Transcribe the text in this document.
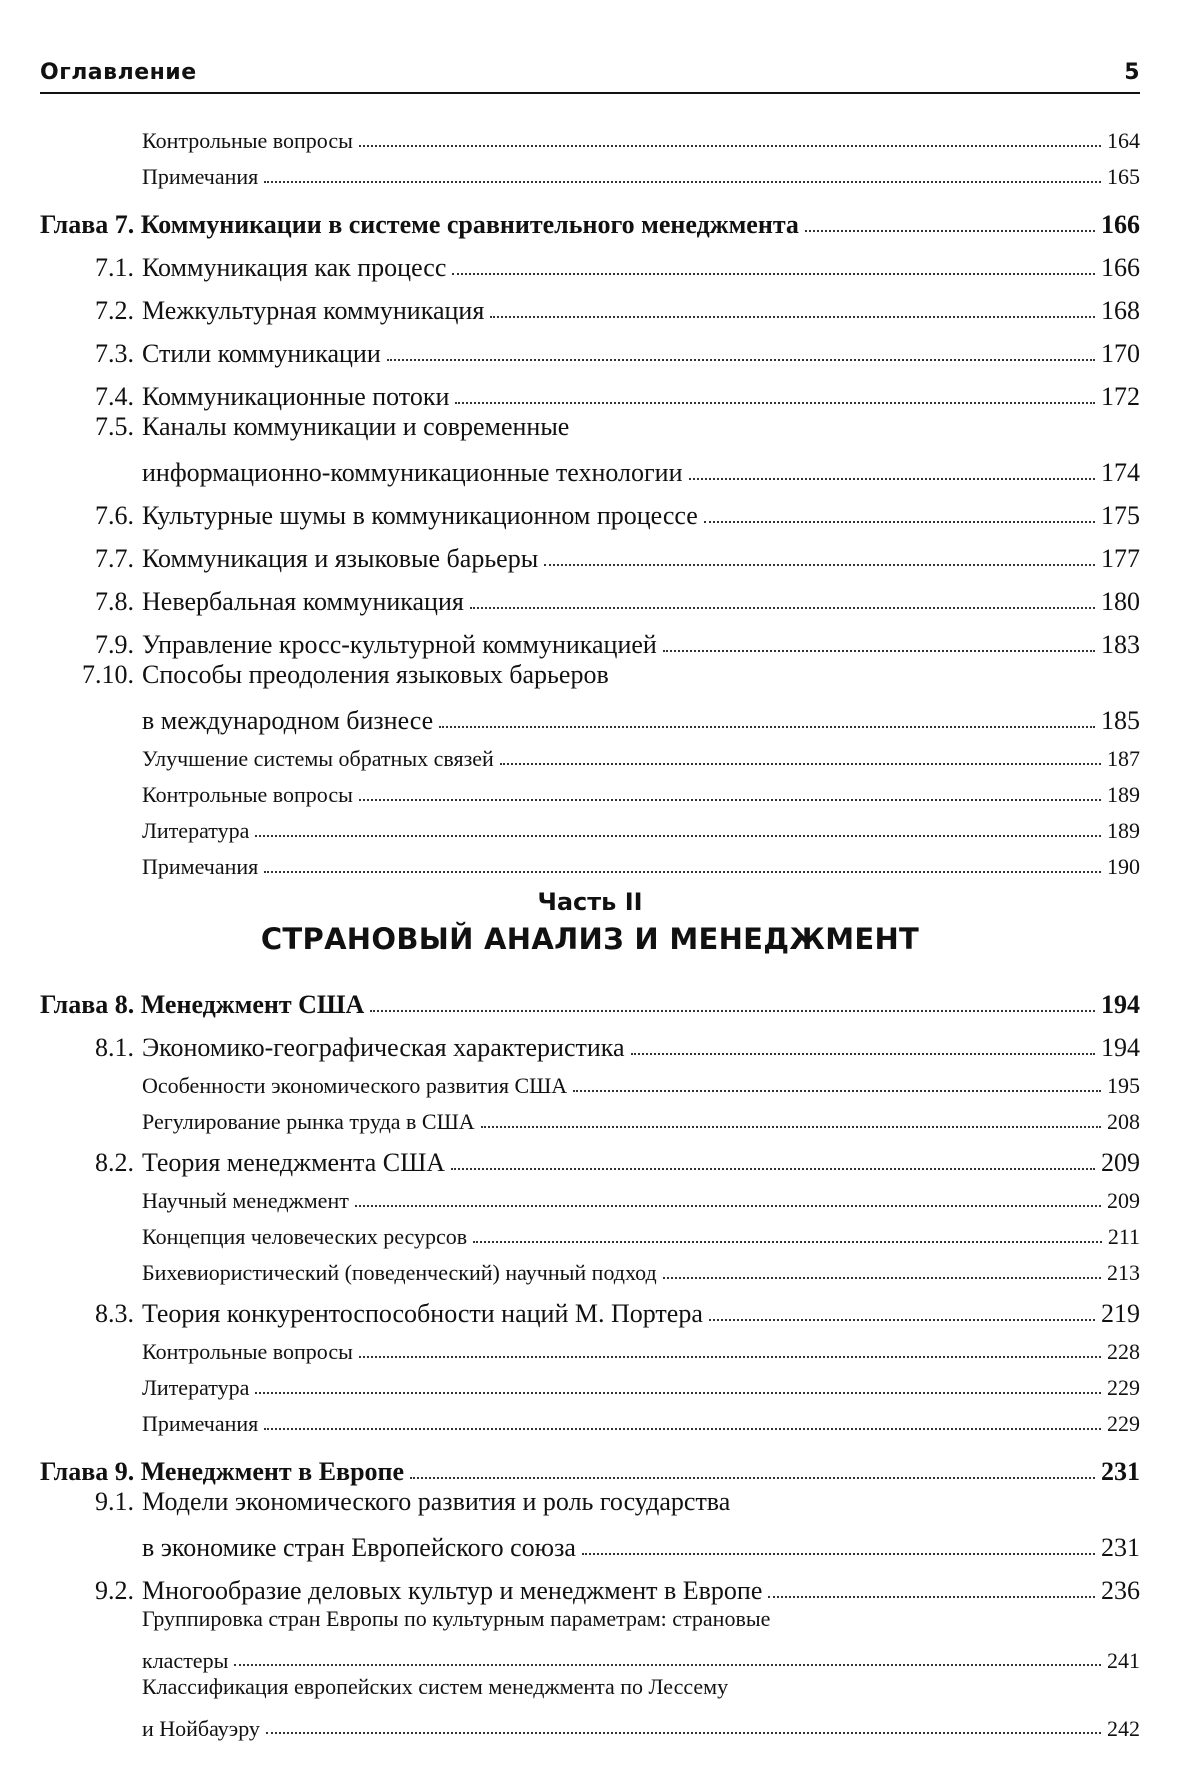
Оглавление	5
Контрольные вопросы	164
Примечания	165
Глава 7. Коммуникации в системе сравнительного менеджмента	166
7.1. Коммуникация как процесс	166
7.2. Межкультурная коммуникация	168
7.3. Стили коммуникации	170
7.4. Коммуникационные потоки	172
7.5. Каналы коммуникации и современные
информационно-коммуникационные технологии	174
7.6. Культурные шумы в коммуникационном процессе	175
7.7. Коммуникация и языковые барьеры	177
7.8. Невербальная коммуникация	180
7.9. Управление кросс-культурной коммуникацией	183
7.10. Способы преодоления языковых барьеров
в международном бизнесе	185
Улучшение системы обратных связей	187
Контрольные вопросы	189
Литература	189
Примечания	190
Часть II
СТРАНОВЫЙ АНАЛИЗ И МЕНЕДЖМЕНТ
Глава 8. Менеджмент США	194
8.1. Экономико-географическая характеристика	194
Особенности экономического развития США	195
Регулирование рынка труда в США	208
8.2. Теория менеджмента США	209
Научный менеджмент	209
Концепция человеческих ресурсов	211
Бихевиористический (поведенческий) научный подход	213
8.3. Теория конкурентоспособности наций М. Портера	219
Контрольные вопросы	228
Литература	229
Примечания	229
Глава 9. Менеджмент в Европе	231
9.1. Модели экономического развития и роль государства
в экономике стран Европейского союза	231
9.2. Многообразие деловых культур и менеджмент в Европе	236
Группировка стран Европы по культурным параметрам: страновые
кластеры	241
Классификация европейских систем менеджмента по Лессему
и Нойбауэру	242
